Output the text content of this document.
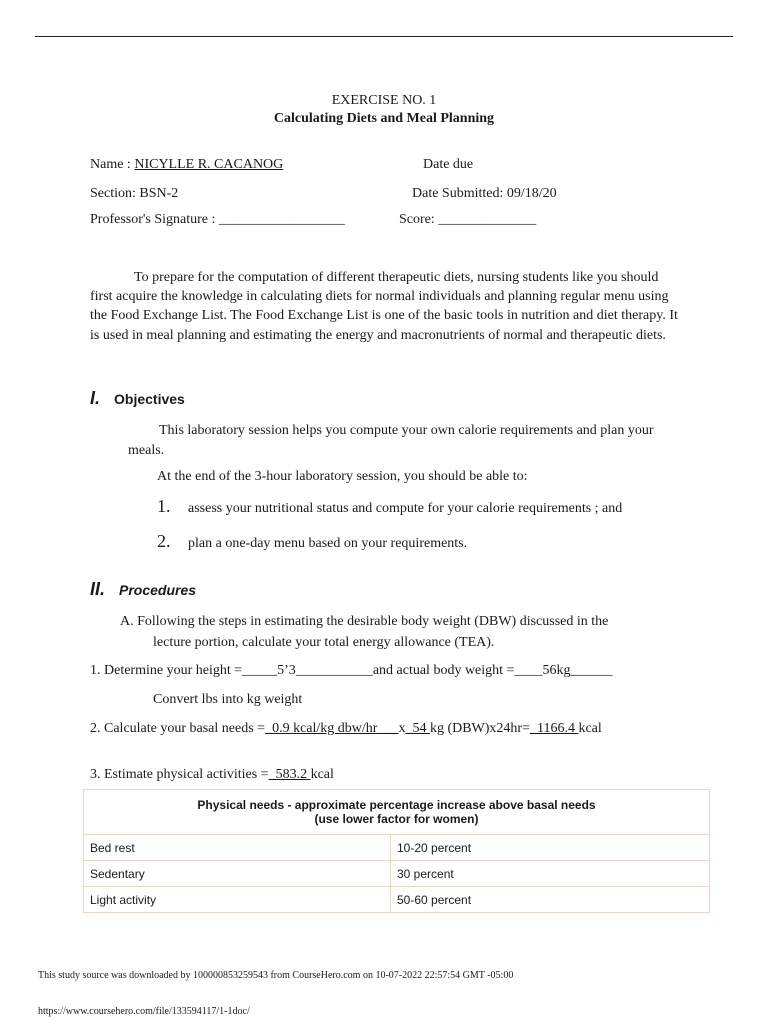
EXERCISE NO. 1
Calculating Diets and Meal Planning
Name : NICYLLE R. CACANOG	Date due
Section: BSN-2	Date Submitted: 09/18/20
Professor's Signature : __________________	Score: ______________
To prepare for the computation of different therapeutic diets, nursing students like you should first acquire the knowledge in calculating diets for normal individuals and planning regular menu using the Food Exchange List. The Food Exchange List is one of the basic tools in nutrition and diet therapy. It is used in meal planning and estimating the energy and macronutrients of normal and therapeutic diets.
I. Objectives
This laboratory session helps you compute your own calorie requirements and plan your meals.
At the end of the 3-hour laboratory session, you should be able to:
1. assess your nutritional status and compute for your calorie requirements ; and
2. plan a one-day menu based on your requirements.
II. Procedures
A. Following the steps in estimating the desirable body weight (DBW) discussed in the
lecture portion, calculate your total energy allowance (TEA).
1. Determine your height =_____5’3___________and actual body weight =____56kg______
Convert lbs into kg weight
2. Calculate your basal needs =_0.9 kcal/kg dbw/hr___x_54 kg (DBW)x24hr=_1166.4 kcal
3. Estimate physical activities =_583.2 kcal
Physical needs - approximate percentage increase above basal needs
(use lower factor for women)	

Bed rest	10-20 percent
Sedentary	30 percent
Light activity	50-60 percent
This study source was downloaded by 100000853259543 from CourseHero.com on 10-07-2022 22:57:54 GMT -05:00
https://www.coursehero.com/file/133594117/1-1doc/
